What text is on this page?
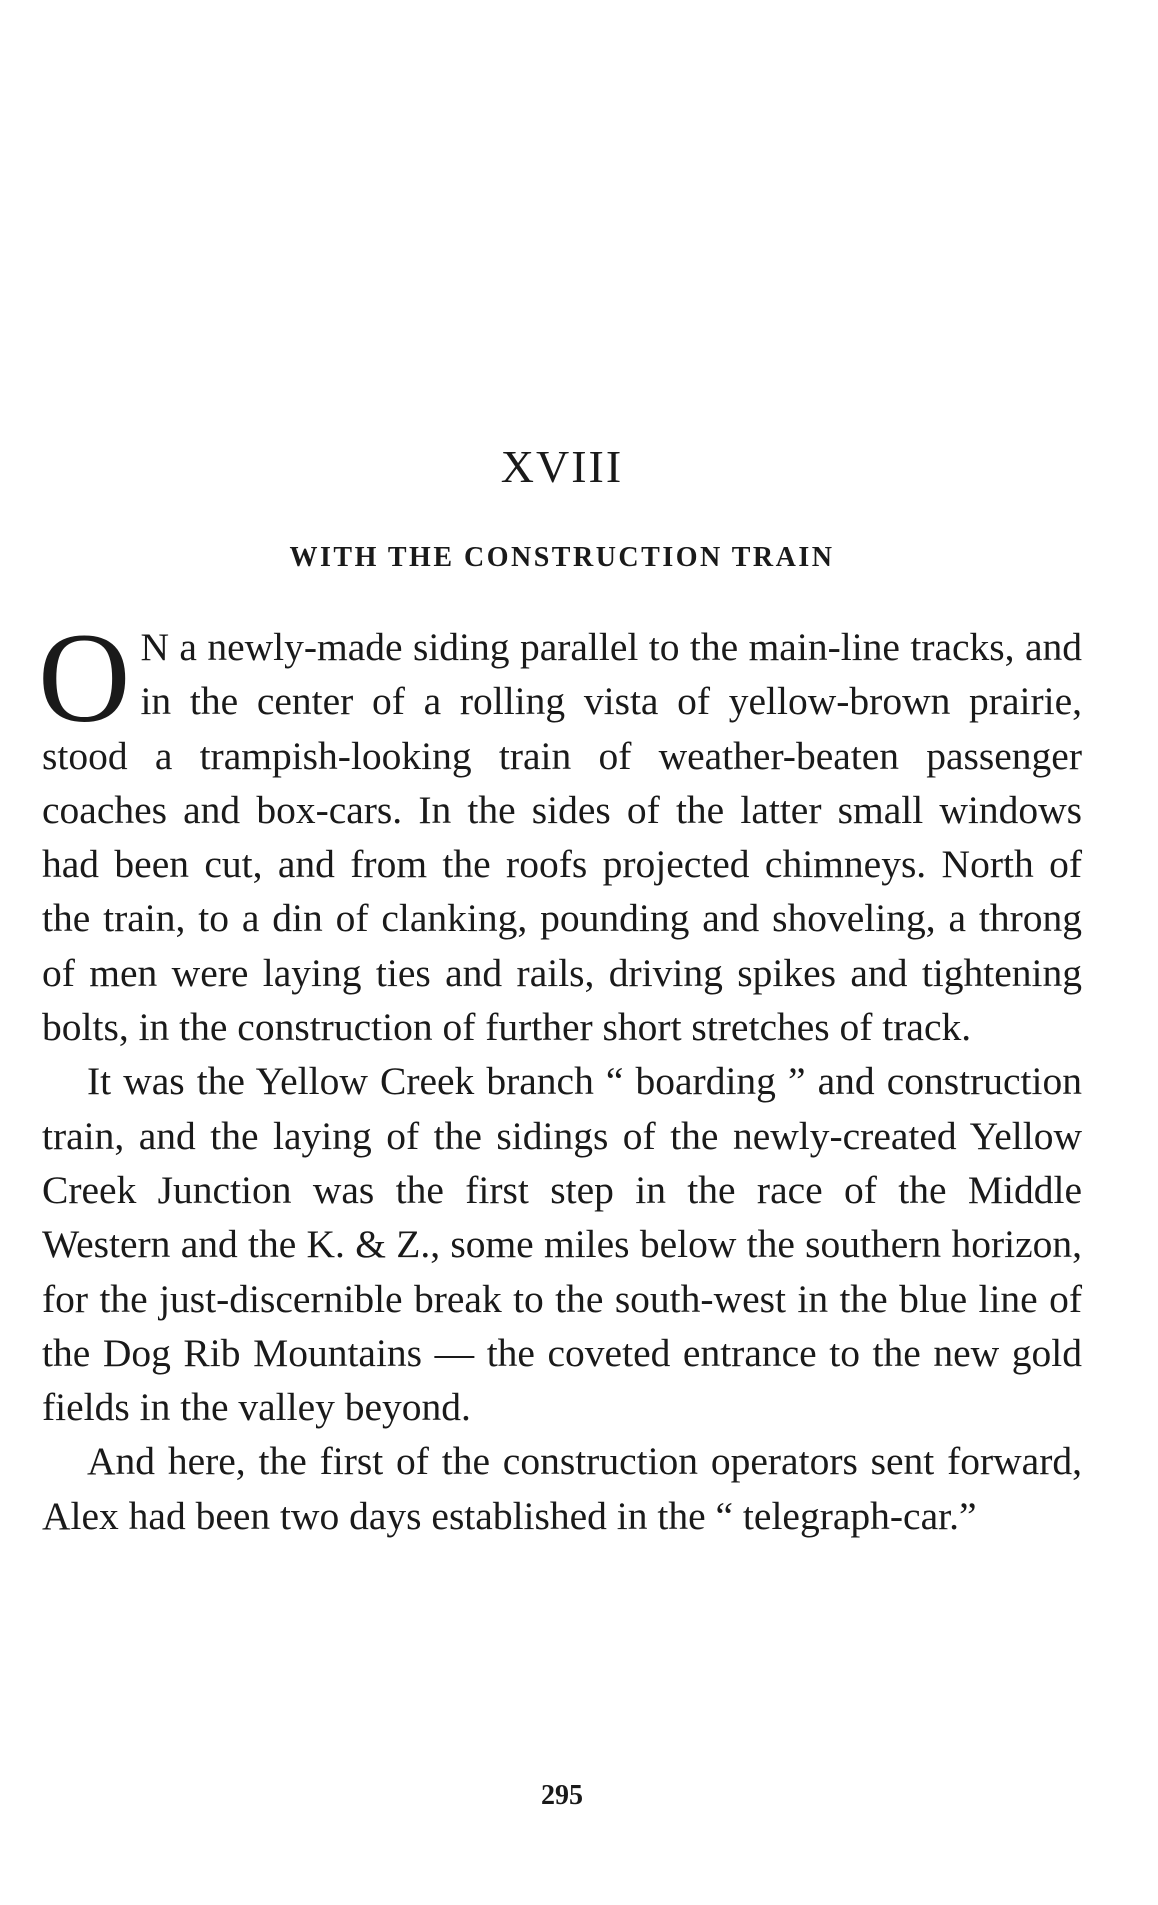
XVIII
WITH THE CONSTRUCTION TRAIN

O N a newly-made siding parallel to the main-line tracks, and in the center of a rolling vista of yellow-brown prairie, stood a trampish-looking train of weather-beaten passenger coaches and box-cars. In the sides of the latter small windows had been cut, and from the roofs projected chimneys. North of the train, to a din of clanking, pounding and shoveling, a throng of men were laying ties and rails, driving spikes and tightening bolts, in the construction of further short stretches of track.

It was the Yellow Creek branch “ boarding ” and construction train, and the laying of the sidings of the newly-created Yellow Creek Junction was the first step in the race of the Middle Western and the K. & Z., some miles below the southern horizon, for the just-discernible break to the south-west in the blue line of the Dog Rib Mountains — the coveted entrance to the new gold fields in the valley beyond.

And here, the first of the construction operators sent forward, Alex had been two days established in the “ telegraph-car.”

295
